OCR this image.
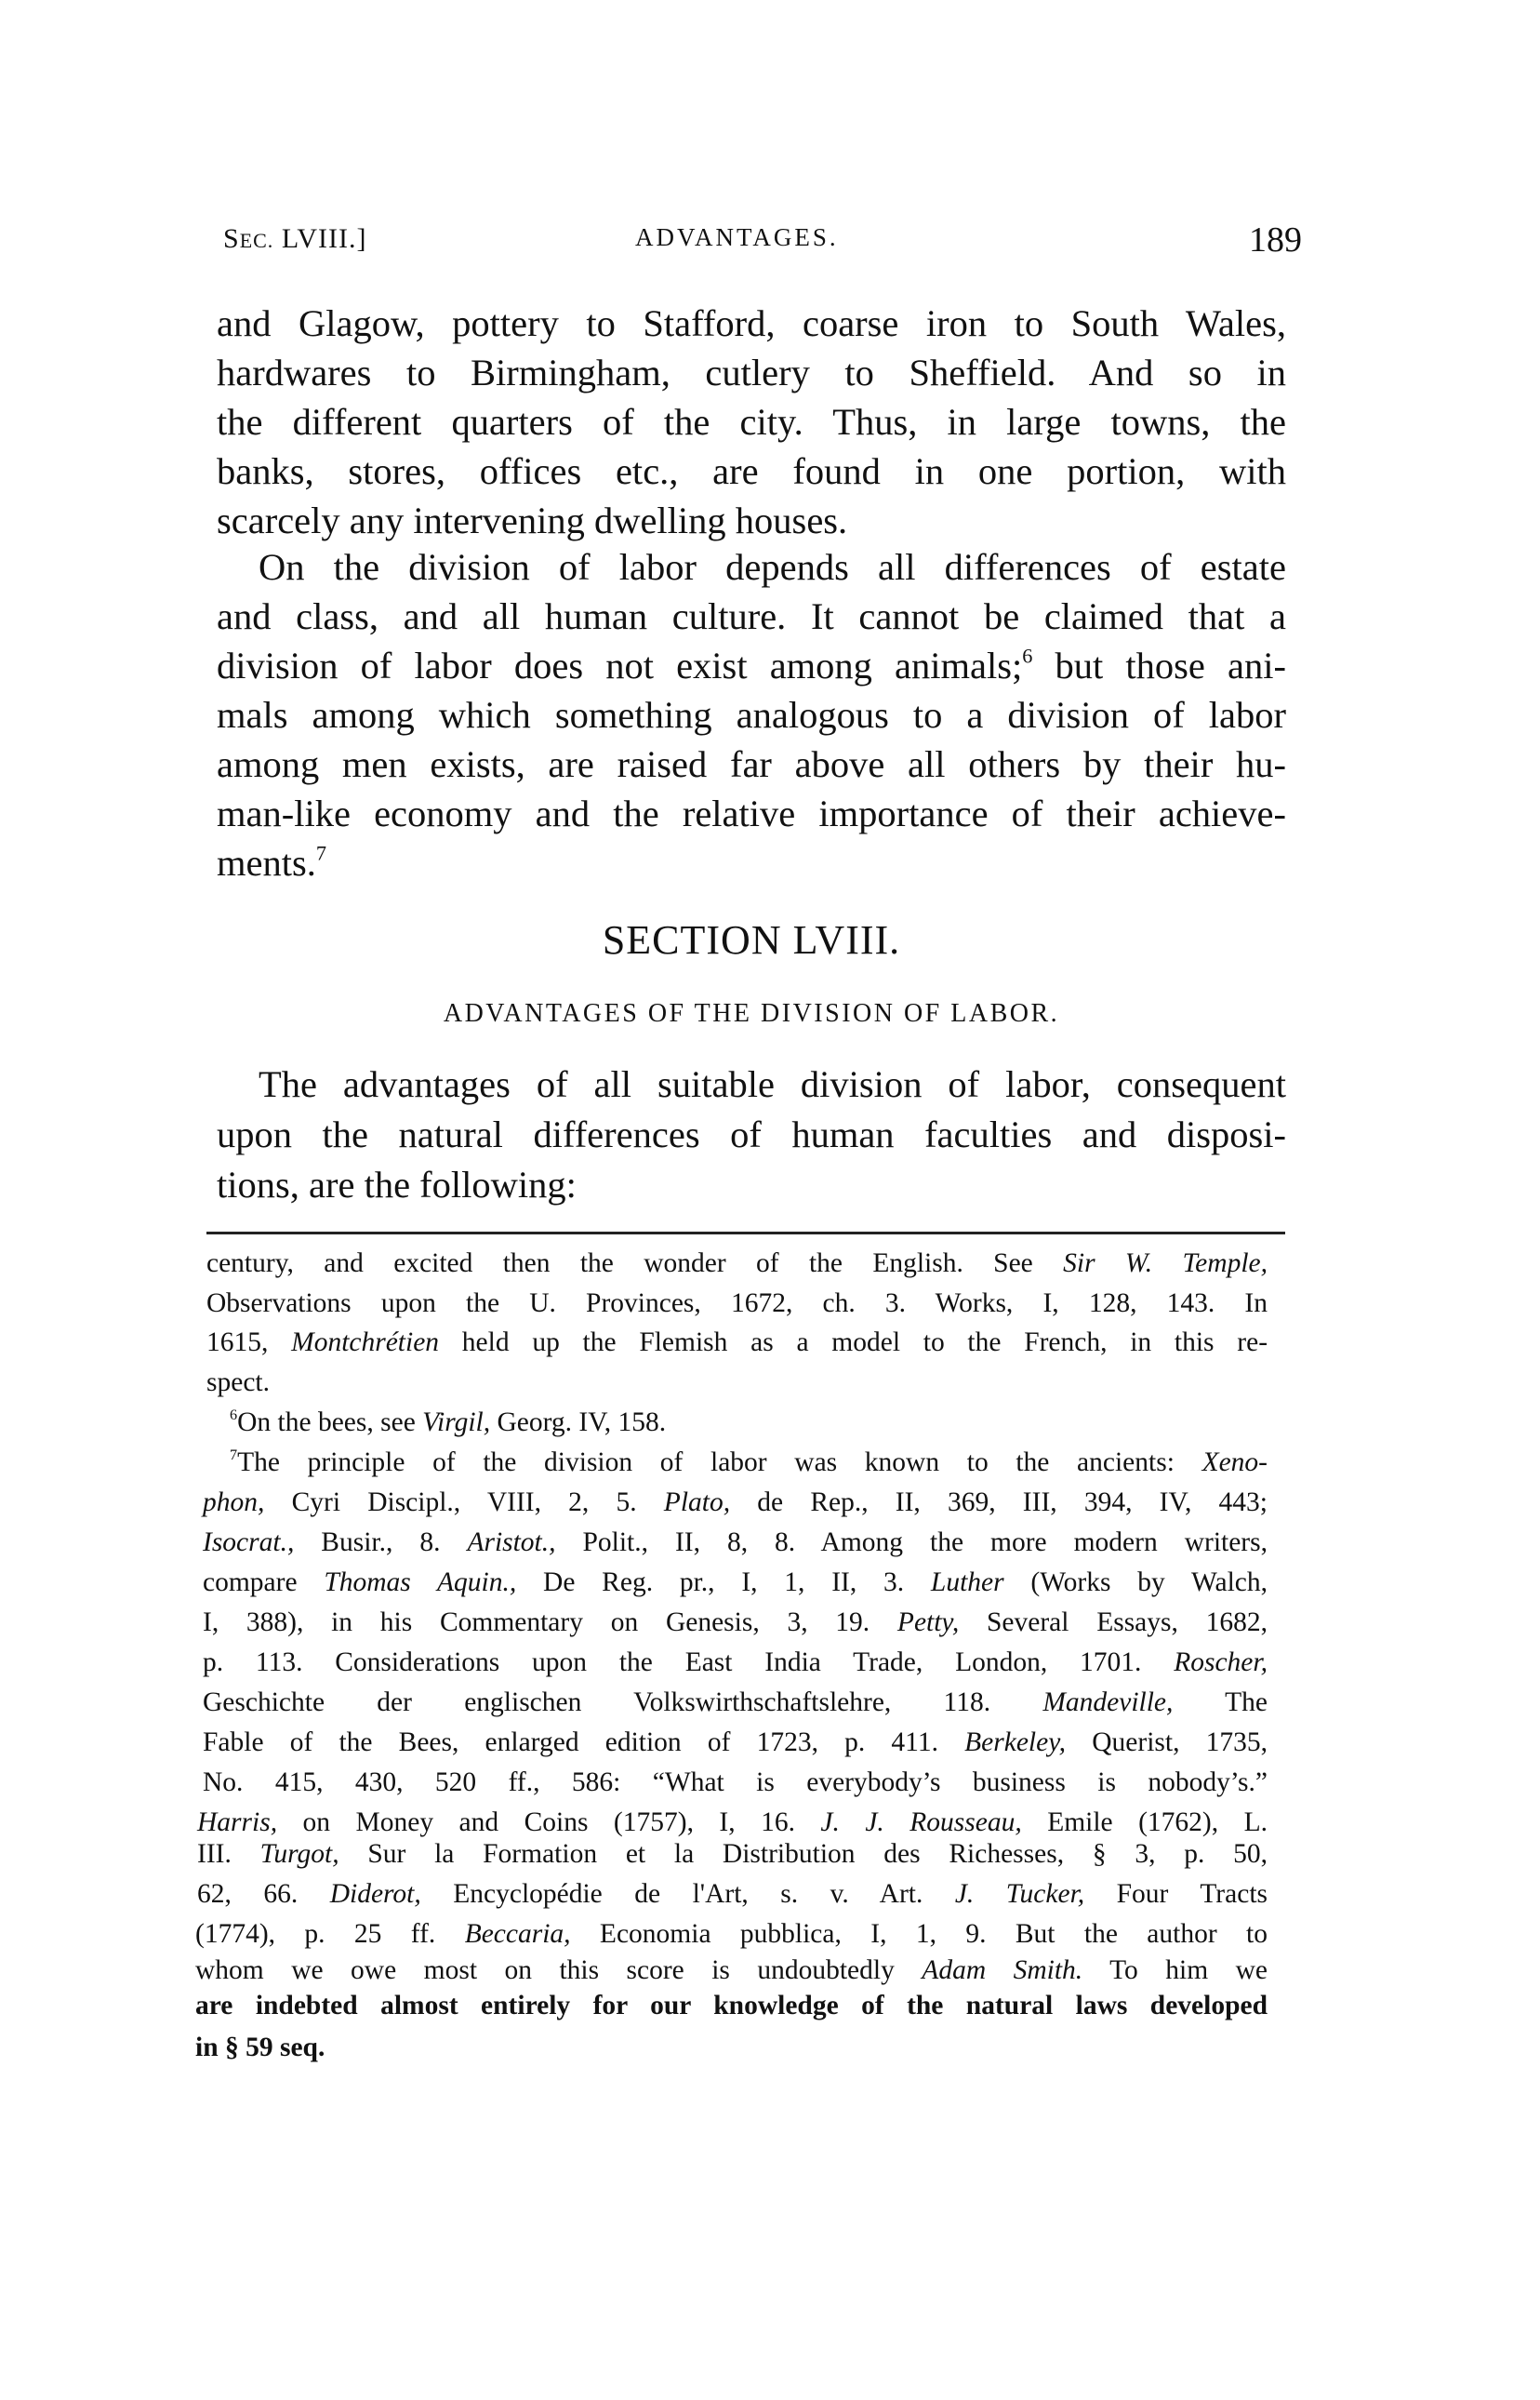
SEC. LVIII.]	ADVANTAGES.	189
and Glagow, pottery to Stafford, coarse iron to South Wales,
hardwares to Birmingham, cutlery to Sheffield. And so in
the different quarters of the city. Thus, in large towns, the
banks, stores, offices etc., are found in one portion, with
scarcely any intervening dwelling houses.
On the division of labor depends all differences of estate
and class, and all human culture. It cannot be claimed that a
division of labor does not exist among animals;$^6$ but those ani-
mals among which something analogous to a division of labor
among men exists, are raised far above all others by their hu-
man-like economy and the relative importance of their achieve-
ments.$^7$
SECTION LVIII.
ADVANTAGES OF THE DIVISION OF LABOR.
The advantages of all suitable division of labor, consequent
upon the natural differences of human faculties and disposi-
tions, are the following:
century, and excited then the wonder of the English. See Sir W. Temple,
Observations upon the U. Provinces, 1672, ch. 3. Works, I, 128, 143. In
1615, Montchrétien held up the Flemish as a model to the French, in this re-
spect.
$^6$On the bees, see Virgil, Georg. IV, 158.
$^7$The principle of the division of labor was known to the ancients: Xeno-
phon, Cyri Discipl., VIII, 2, 5. Plato, de Rep., II, 369, III, 394, IV, 443;
Isocrat., Busir., 8. Aristot., Polit., II, 8, 8. Among the more modern writers,
compare Thomas Aquin., De Reg. pr., I, 1, II, 3. Luther (Works by Walch,
I, 388), in his Commentary on Genesis, 3, 19. Petty, Several Essays, 1682,
p. 113. Considerations upon the East India Trade, London, 1701. Roscher,
Geschichte der englischen Volkswirthschaftslehre, 118. Mandeville, The
Fable of the Bees, enlarged edition of 1723, p. 411. Berkeley, Querist, 1735,
No. 415, 430, 520 ff., 586: “What is everybody’s business is nobody’s.”
Harris, on Money and Coins (1757), I, 16. J. J. Rousseau, Emile (1762), L.
III. Turgot, Sur la Formation et la Distribution des Richesses, § 3, p. 50,
62, 66. Diderot, Encyclopédie de l'Art, s. v. Art. J. Tucker, Four Tracts
(1774), p. 25 ff. Beccaria, Economia pubblica, I, 1, 9. But the author to
whom we owe most on this score is undoubtedly Adam Smith. To him we
are indebted almost entirely for our knowledge of the natural laws developed
in § 59 seq.
